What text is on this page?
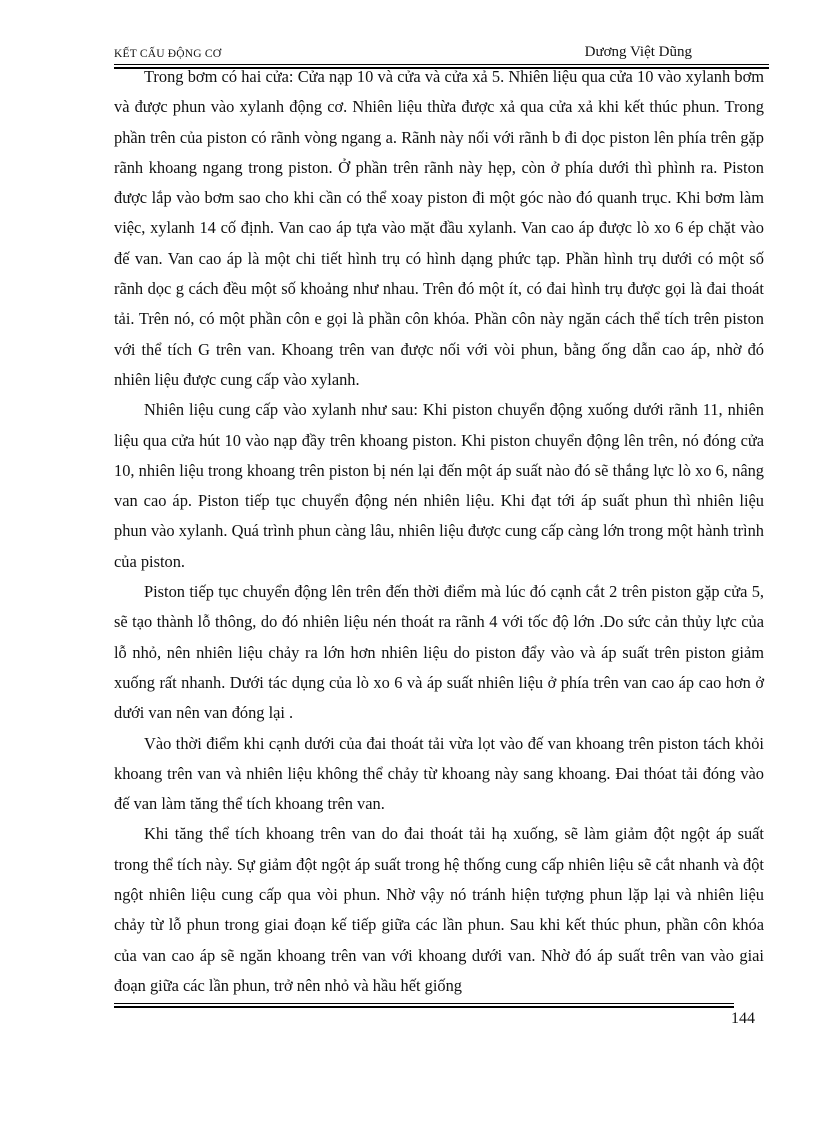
KẾT CẤU ĐỘNG CƠ	Dương Việt Dũng

Trong bơm có hai cửa: Cửa nạp 10 và cửa và cửa xả 5. Nhiên liệu qua cửa 10 vào xylanh bơm và được phun vào xylanh động cơ. Nhiên liệu thừa được xả qua cửa xả khi kết thúc phun. Trong phần trên của piston có rãnh vòng ngang a. Rãnh này nối với rãnh b đi dọc piston lên phía trên gặp rãnh khoang ngang trong piston. Ở phần trên rãnh này hẹp, còn ở phía dưới thì phình ra. Piston được lắp vào bơm sao cho khi cần có thể xoay piston đi một góc nào đó quanh trục. Khi bơm làm việc, xylanh 14 cố định. Van cao áp tựa vào mặt đầu xylanh. Van cao áp được lò xo 6 ép chặt vào đế van. Van cao áp là một chi tiết hình trụ có hình dạng phức tạp. Phần hình trụ dưới có một số rãnh dọc g cách đều một số khoảng như nhau. Trên đó một ít, có đai hình trụ được gọi là đai thoát tải. Trên nó, có một phần côn e gọi là phần côn khóa. Phần côn này ngăn cách thể tích trên piston với thể tích G trên van. Khoang trên van được nối với vòi phun, bằng ống dẫn cao áp, nhờ đó nhiên liệu được cung cấp vào xylanh.

Nhiên liệu cung cấp vào xylanh như sau: Khi piston chuyển động xuống dưới rãnh 11, nhiên liệu qua cửa hút 10 vào nạp đầy trên khoang piston. Khi piston chuyển động lên trên, nó đóng cửa 10, nhiên liệu trong khoang trên piston bị nén lại đến một áp suất nào đó sẽ thắng lực lò xo 6, nâng van cao áp. Piston tiếp tục chuyển động nén nhiên liệu. Khi đạt tới áp suất phun thì nhiên liệu phun vào xylanh. Quá trình phun càng lâu, nhiên liệu được cung cấp càng lớn trong một hành trình của piston.

Piston tiếp tục chuyển động lên trên đến thời điểm mà lúc đó cạnh cắt 2 trên piston gặp cửa 5, sẽ tạo thành lỗ thông, do đó nhiên liệu nén thoát ra rãnh 4 với tốc độ lớn .Do sức cản thủy lực của lỗ nhỏ, nên nhiên liệu chảy ra lớn hơn nhiên liệu do piston đẩy vào và áp suất trên piston giảm xuống rất nhanh. Dưới tác dụng của lò xo 6 và áp suất nhiên liệu ở phía trên van cao áp cao hơn ở dưới van nên van đóng lại .

Vào thời điểm khi cạnh dưới của đai thoát tải vừa lọt vào đế van khoang trên piston tách khỏi khoang trên van và nhiên liệu không thể chảy từ khoang này sang khoang. Đai thóat tải đóng vào đế van làm tăng thể tích khoang trên van.

Khi tăng thể tích khoang trên van do đai thoát tải hạ xuống, sẽ làm giảm đột ngột áp suất trong thể tích này. Sự giảm đột ngột áp suất trong hệ thống cung cấp nhiên liệu sẽ cắt nhanh và đột ngột nhiên liệu cung cấp qua vòi phun. Nhờ vậy nó tránh hiện tượng phun lặp lại và nhiên liệu chảy từ lỗ phun trong giai đoạn kế tiếp giữa các lần phun. Sau khi kết thúc phun, phần côn khóa của van cao áp sẽ ngăn khoang trên van với khoang dưới van. Nhờ đó áp suất trên van vào giai đoạn giữa các lần phun, trở nên nhỏ và hầu hết giống

144
